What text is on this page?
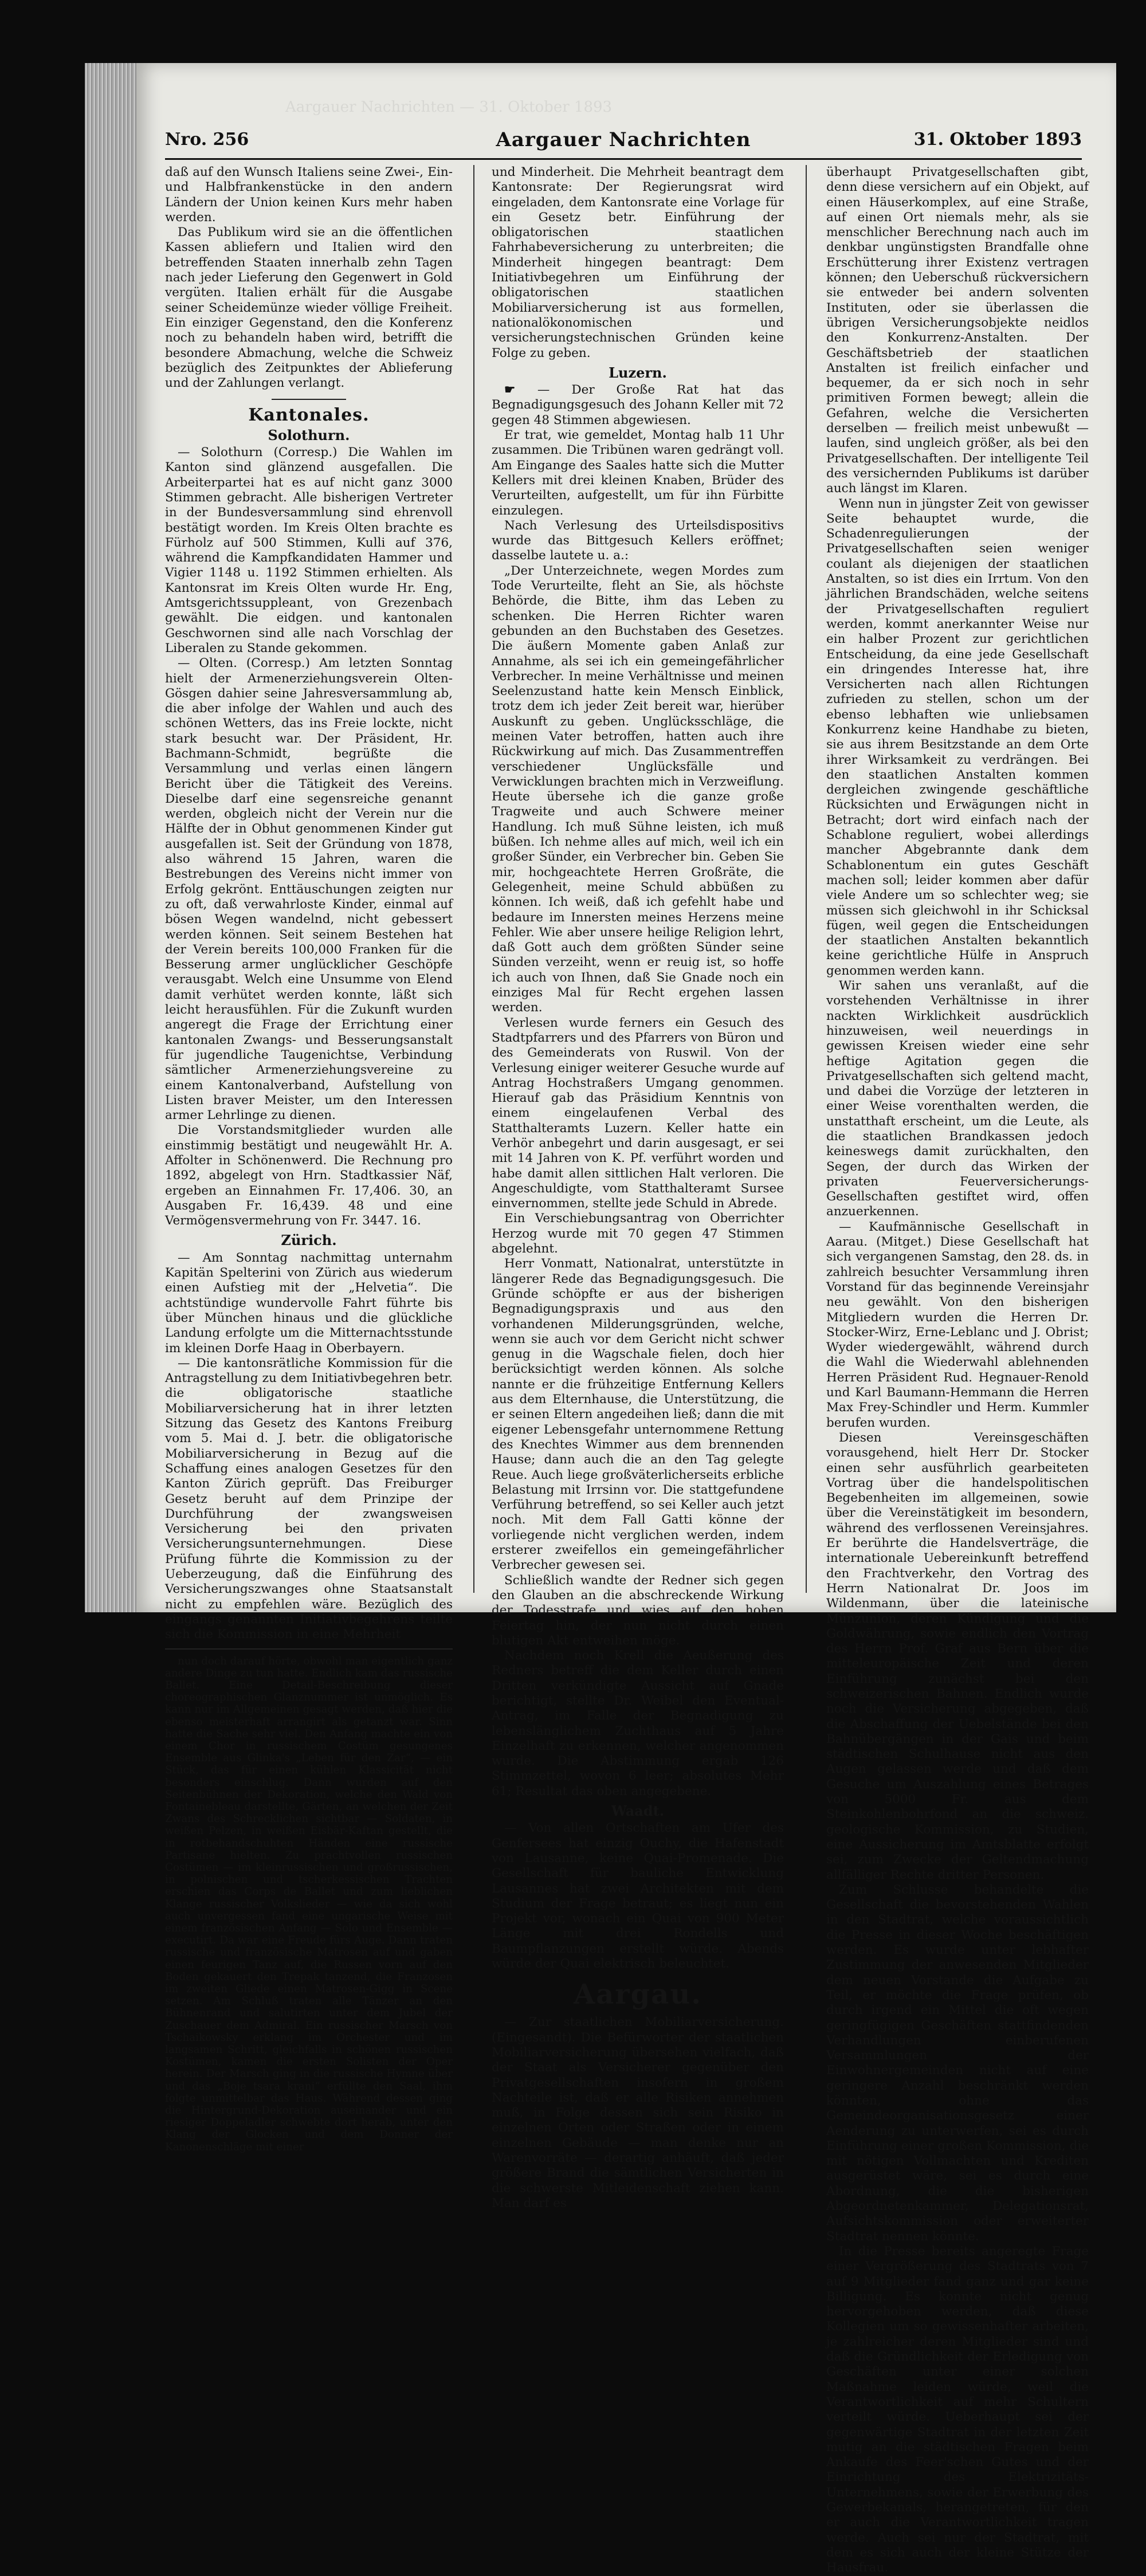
Aargauer Nachrichten — 31. Oktober 1893
Nro. 256	Aargauer Nachrichten	31. Oktober 1893

daß auf den Wunsch Italiens seine Zwei-, Ein- und Halbfrankenstücke in den andern Ländern der Union keinen Kurs mehr haben werden.

Das Publikum wird sie an die öffentlichen Kassen abliefern und Italien wird den betreffenden Staaten innerhalb zehn Tagen nach jeder Lieferung den Gegenwert in Gold vergüten. Italien erhält für die Ausgabe seiner Scheidemünze wieder völlige Freiheit. Ein einziger Gegenstand, den die Konferenz noch zu behandeln haben wird, betrifft die besondere Abmachung, welche die Schweiz bezüglich des Zeitpunktes der Ablieferung und der Zahlungen verlangt.

Kantonales.
Solothurn.

— Solothurn (Corresp.) Die Wahlen im Kanton sind glänzend ausgefallen. Die Arbeiterpartei hat es auf nicht ganz 3000 Stimmen gebracht. Alle bisherigen Vertreter in der Bundesversammlung sind ehrenvoll bestätigt worden. Im Kreis Olten brachte es Fürholz auf 500 Stimmen, Kulli auf 376, während die Kampfkandidaten Hammer und Vigier 1148 u. 1192 Stimmen erhielten. Als Kantonsrat im Kreis Olten wurde Hr. Eng, Amtsgerichtssuppleant, von Grezenbach gewählt. Die eidgen. und kantonalen Geschwornen sind alle nach Vorschlag der Liberalen zu Stande gekommen.

— Olten. (Corresp.) Am letzten Sonntag hielt der Armenerziehungsverein Olten-Gösgen dahier seine Jahresversammlung ab, die aber infolge der Wahlen und auch des schönen Wetters, das ins Freie lockte, nicht stark besucht war. Der Präsident, Hr. Bachmann-Schmidt, begrüßte die Versammlung und verlas einen längern Bericht über die Tätigkeit des Vereins. Dieselbe darf eine segensreiche genannt werden, obgleich nicht der Verein nur die Hälfte der in Obhut genommenen Kinder gut ausgefallen ist. Seit der Gründung von 1878, also während 15 Jahren, waren die Bestrebungen des Vereins nicht immer von Erfolg gekrönt. Enttäuschungen zeigten nur zu oft, daß verwahrloste Kinder, einmal auf bösen Wegen wandelnd, nicht gebessert werden können. Seit seinem Bestehen hat der Verein bereits 100,000 Franken für die Besserung armer unglücklicher Geschöpfe verausgabt. Welch eine Unsumme von Elend damit verhütet werden konnte, läßt sich leicht herausfühlen. Für die Zukunft wurden angeregt die Frage der Errichtung einer kantonalen Zwangs- und Besserungsanstalt für jugendliche Taugenichtse, Verbindung sämtlicher Armenerziehungsvereine zu einem Kantonalverband, Aufstellung von Listen braver Meister, um den Interessen armer Lehrlinge zu dienen.

Die Vorstandsmitglieder wurden alle einstimmig bestätigt und neugewählt Hr. A. Affolter in Schönenwerd. Die Rechnung pro 1892, abgelegt von Hrn. Stadtkassier Näf, ergeben an Einnahmen Fr. 17,406. 30, an Ausgaben Fr. 16,439. 48 und eine Vermögensvermehrung von Fr. 3447. 16.

Zürich.

— Am Sonntag nachmittag unternahm Kapitän Spelterini von Zürich aus wiederum einen Aufstieg mit der „Helvetia“. Die achtstündige wundervolle Fahrt führte bis über München hinaus und die glückliche Landung erfolgte um die Mitternachtsstunde im kleinen Dorfe Haag in Oberbayern.

— Die kantonsrätliche Kommission für die Antragstellung zu dem Initiativbegehren betr. die obligatorische staatliche Mobiliarversicherung hat in ihrer letzten Sitzung das Gesetz des Kantons Freiburg vom 5. Mai d. J. betr. die obligatorische Mobiliarversicherung in Bezug auf die Schaffung eines analogen Gesetzes für den Kanton Zürich geprüft. Das Freiburger Gesetz beruht auf dem Prinzipe der Durchführung der zwangsweisen Versicherung bei den privaten Versicherungsunternehmungen. Diese Prüfung führte die Kommission zu der Ueberzeugung, daß die Einführung des Versicherungszwanges ohne Staatsanstalt nicht zu empfehlen wäre. Bezüglich des eingangs genannten Initiativbegehrens teilte sich die Kommission in eine Mehrheit

nun doch darauf hörte, obwohl man eigentlich ganz andere Dinge zu tun hatte. Endlich kam das russische Ballet. Eine Detail-Beschreibung dieser choreographischen Glanznummer ist unmöglich. Es kann nur im Allgemeinen gesagt werden, daß hier die ebenso meisterhaft arrangirt als getanzt war. Sinn hatte die Sache sehr viel. Den Anfang machte ein von einem Chor in russischem Costüm gesungenes Ensemble aus Glinka's „Leben für den Zar“, — ein Stück, das für einen kühlen Klassicität nicht besonders einschlug. Dann wurden auf den Seitenbühnen der Dekoration, welche den Wald von Fontainebleau darstellte, Gärten, an welchen der Zeit Zwans des Schrecklichen sichtbar — Soldaten, in weißen Pelzen, in weißen Eisbär-Kaftan gestellt, die in rotbehandschuhten Händen eine russische Partisane hielten. Zu prachtvollen russischen Costümen — im kleinrussischen und großrussischen, in polnischen und tscherkessischen Trachten erschien das Corps de Ballet und zum lieblichen Klange russischer Volkslieder — wie da sich wohl auch unvergessen fand eine ungarische Weise mit einem französischen Anfang — Solo und Ensemble — executirt. Da war eine Freude fürs Auge. Dann traten russische und französische Matrosen auf und gaben einen feurigen Tanz auf, die Russen vorn auf den Boden gekauert den Trepak tanzend, die Franzosen im zweiten Gliede einen Matrosen-Gigg in Scene setzen. Am Schluß traten alle Tänzer an den Bühnenrand und salutirten unter dem Jubel der Zuschauer dem Admiral. Ein russischer Marsch von Tschaikowsky erklang im Orchester und im langsamen Schritt, gleichfalls in schönen russischen Kostümen, kamen die ersten Solisten der Oper herein. Der Marsch ging in die russische Hymne über und das „Boje tsara krani“ erfüllte den Saal, ihm folgte unmittelbar das Haus. Während dessen ging die Hintergrund-Dekoration auseinander und ein riesiger Doppeladler schwebte dort herab, unter den Klang der Glocken und dem Donner der Kanonenschläge mit einer

und Minderheit. Die Mehrheit beantragt dem Kantonsrate: Der Regierungsrat wird eingeladen, dem Kantonsrate eine Vorlage für ein Gesetz betr. Einführung der obligatorischen staatlichen Fahrhabeversicherung zu unterbreiten; die Minderheit hingegen beantragt: Dem Initiativbegehren um Einführung der obligatorischen staatlichen Mobiliarversicherung ist aus formellen, nationalökonomischen und versicherungstechnischen Gründen keine Folge zu geben.

Luzern.

☛ — Der Große Rat hat das Begnadigungsgesuch des Johann Keller mit 72 gegen 48 Stimmen abgewiesen.

Er trat, wie gemeldet, Montag halb 11 Uhr zusammen. Die Tribünen waren gedrängt voll. Am Eingange des Saales hatte sich die Mutter Kellers mit drei kleinen Knaben, Brüder des Verurteilten, aufgestellt, um für ihn Fürbitte einzulegen.

Nach Verlesung des Urteilsdispositivs wurde das Bittgesuch Kellers eröffnet; dasselbe lautete u. a.:

„Der Unterzeichnete, wegen Mordes zum Tode Verurteilte, fleht an Sie, als höchste Behörde, die Bitte, ihm das Leben zu schenken. Die Herren Richter waren gebunden an den Buchstaben des Gesetzes. Die äußern Momente gaben Anlaß zur Annahme, als sei ich ein gemeingefährlicher Verbrecher. In meine Verhältnisse und meinen Seelenzustand hatte kein Mensch Einblick, trotz dem ich jeder Zeit bereit war, hierüber Auskunft zu geben. Unglücksschläge, die meinen Vater betroffen, hatten auch ihre Rückwirkung auf mich. Das Zusammentreffen verschiedener Unglücksfälle und Verwicklungen brachten mich in Verzweiflung. Heute übersehe ich die ganze große Tragweite und auch Schwere meiner Handlung. Ich muß Sühne leisten, ich muß büßen. Ich nehme alles auf mich, weil ich ein großer Sünder, ein Verbrecher bin. Geben Sie mir, hochgeachtete Herren Großräte, die Gelegenheit, meine Schuld abbüßen zu können. Ich weiß, daß ich gefehlt habe und bedaure im Innersten meines Herzens meine Fehler. Wie aber unsere heilige Religion lehrt, daß Gott auch dem größten Sünder seine Sünden verzeiht, wenn er reuig ist, so hoffe ich auch von Ihnen, daß Sie Gnade noch ein einziges Mal für Recht ergehen lassen werden.

Verlesen wurde ferners ein Gesuch des Stadtpfarrers und des Pfarrers von Büron und des Gemeinderats von Ruswil. Von der Verlesung einiger weiterer Gesuche wurde auf Antrag Hochstraßers Umgang genommen. Hierauf gab das Präsidium Kenntnis von einem eingelaufenen Verbal des Statthalteramts Luzern. Keller hatte ein Verhör anbegehrt und darin ausgesagt, er sei mit 14 Jahren von K. Pf. verführt worden und habe damit allen sittlichen Halt verloren. Die Angeschuldigte, vom Statthalteramt Sursee einvernommen, stellte jede Schuld in Abrede.

Ein Verschiebungsantrag von Oberrichter Herzog wurde mit 70 gegen 47 Stimmen abgelehnt.

Herr Vonmatt, Nationalrat, unterstützte in längerer Rede das Begnadigungsgesuch. Die Gründe schöpfte er aus der bisherigen Begnadigungspraxis und aus den vorhandenen Milderungsgründen, welche, wenn sie auch vor dem Gericht nicht schwer genug in die Wagschale fielen, doch hier berücksichtigt werden können. Als solche nannte er die frühzeitige Entfernung Kellers aus dem Elternhause, die Unterstützung, die er seinen Eltern angedeihen ließ; dann die mit eigener Lebensgefahr unternommene Rettung des Knechtes Wimmer aus dem brennenden Hause; dann auch die an den Tag gelegte Reue. Auch liege großväterlicherseits erbliche Belastung mit Irrsinn vor. Die stattgefundene Verführung betreffend, so sei Keller auch jetzt noch. Mit dem Fall Gatti könne der vorliegende nicht verglichen werden, indem ersterer zweifellos ein gemeingefährlicher Verbrecher gewesen sei.

Schließlich wandte der Redner sich gegen den Glauben an die abschreckende Wirkung der Todesstrafe und wies auf den hohen Feiertag hin, der nun nicht durch einen blutigen Akt entweihen möge.

Nachdem noch Krell die Aeußerung des Redners betreff die dem Keller durch einen Dritten verkündigte Aussicht auf Gnade berichtigt, stellte Dr. Weibel den Eventual-Antrag, im Falle der Begnadigung zu lebenslänglichem Zuchthaus auf 5 Jahre Einzelhaft zu erkennen, welcher angenommen wurde. Die Abstimmung ergab 126 Stimmzettel, wovon 6 leer; absolutes Mehr 61; Resultat das oben angegebene.

Waadt.

— Von allen Ortschaften am Ufer des Genfersees hat einzig Ouchy, die Hafenstadt von Lausanne, keine Quai-Promenade. Die Gesellschaft für bauliche Entwicklung Lausannes hat zwei Architekten mit dem Studium der Frage betraut; es liegt nun ein Projekt vor, wonach ein Quai von 900 Meter Länge mit drei Rondells und Baumpflanzungen erstellt würde. Abends würde der Quai elektrisch beleuchtet.

Aargau.

— Zur staatlichen Mobiliarversicherung. (Eingesandt). Die Befürworter der staatlichen Mobiliarversicherung übersehen vielfach, daß der Staat als Versicherer gegenüber den Privatgesellschaften insofern in großem Nachteile ist, daß er alle Risiken annehmen muß, in Folge dessen sich sein Risiko in einzelnen Orten oder Straßen oder in einem einzelnen Gebäude — man denke nur an Warenvorräte — derartig anhäuft, daß jeder größere Brand die sämtlichen Versicherten in die schwerste Mitleidenschaft ziehen kann. Man darf es

überhaupt Privatgesellschaften gibt, denn diese versichern auf ein Objekt, auf einen Häuserkomplex, auf eine Straße, auf einen Ort niemals mehr, als sie menschlicher Berechnung nach auch im denkbar ungünstigsten Brandfalle ohne Erschütterung ihrer Existenz vertragen können; den Ueberschuß rückversichern sie entweder bei andern solventen Instituten, oder sie überlassen die übrigen Versicherungsobjekte neidlos den Konkurrenz-Anstalten. Der Geschäftsbetrieb der staatlichen Anstalten ist freilich einfacher und bequemer, da er sich noch in sehr primitiven Formen bewegt; allein die Gefahren, welche die Versicherten derselben — freilich meist unbewußt — laufen, sind ungleich größer, als bei den Privatgesellschaften. Der intelligente Teil des versichernden Publikums ist darüber auch längst im Klaren.

Wenn nun in jüngster Zeit von gewisser Seite behauptet wurde, die Schadenregulierungen der Privatgesellschaften seien weniger coulant als diejenigen der staatlichen Anstalten, so ist dies ein Irrtum. Von den jährlichen Brandschäden, welche seitens der Privatgesellschaften reguliert werden, kommt anerkannter Weise nur ein halber Prozent zur gerichtlichen Entscheidung, da eine jede Gesellschaft ein dringendes Interesse hat, ihre Versicherten nach allen Richtungen zufrieden zu stellen, schon um der ebenso lebhaften wie unliebsamen Konkurrenz keine Handhabe zu bieten, sie aus ihrem Besitzstande an dem Orte ihrer Wirksamkeit zu verdrängen. Bei den staatlichen Anstalten kommen dergleichen zwingende geschäftliche Rücksichten und Erwägungen nicht in Betracht; dort wird einfach nach der Schablone reguliert, wobei allerdings mancher Abgebrannte dank dem Schablonentum ein gutes Geschäft machen soll; leider kommen aber dafür viele Andere um so schlechter weg; sie müssen sich gleichwohl in ihr Schicksal fügen, weil gegen die Entscheidungen der staatlichen Anstalten bekanntlich keine gerichtliche Hülfe in Anspruch genommen werden kann.

Wir sahen uns veranlaßt, auf die vorstehenden Verhältnisse in ihrer nackten Wirklichkeit ausdrücklich hinzuweisen, weil neuerdings in gewissen Kreisen wieder eine sehr heftige Agitation gegen die Privatgesellschaften sich geltend macht, und dabei die Vorzüge der letzteren in einer Weise vorenthalten werden, die unstatthaft erscheint, um die Leute, als die staatlichen Brandkassen jedoch keineswegs damit zurückhalten, den Segen, der durch das Wirken der privaten Feuerversicherungs-Gesellschaften gestiftet wird, offen anzuerkennen.

— Kaufmännische Gesellschaft in Aarau. (Mitget.) Diese Gesellschaft hat sich vergangenen Samstag, den 28. ds. in zahlreich besuchter Versammlung ihren Vorstand für das beginnende Vereinsjahr neu gewählt. Von den bisherigen Mitgliedern wurden die Herren Dr. Stocker-Wirz, Erne-Leblanc und J. Obrist; Wyder wiedergewählt, während durch die Wahl die Wiederwahl ablehnenden Herren Präsident Rud. Hegnauer-Renold und Karl Baumann-Hemmann die Herren Max Frey-Schindler und Herm. Kummler berufen wurden.

Diesen Vereinsgeschäften vorausgehend, hielt Herr Dr. Stocker einen sehr ausführlich gearbeiteten Vortrag über die handelspolitischen Begebenheiten im allgemeinen, sowie über die Vereinstätigkeit im besondern, während des verflossenen Vereinsjahres. Er berührte die Handelsverträge, die internationale Uebereinkunft betreffend den Frachtverkehr, den Vortrag des Herrn Nationalrat Dr. Joos im Wildenmann, über die lateinische Münzunion, deren Kündigung und die Goldwährung, sowie endlich den Vortrag des Herrn Prof. Graf aus Bern über die mitteleuropäische Zeit und deren Einführung zunächst bei den schweizerischen Bahnen. Endlich wurde noch die Versicherung abgegeben, daß die Abschaffung der Uebelstände bei den Bahnübergängen in der Gais und beim städtischen Schulhause nicht aus den Augen gelassen werde und daß dem Gesuche um Auszahlung eines Betrages von 5000 Fr. aus dem Steinkohlenbohrfond an die schweiz. geologische Kommission, zu Studien, eine Aussicherung im Amtsblatte erfolgt sei, zum Zwecke der Geltendmachung allfälliger Rechte dritter Personen.

Zum Schlusse behandelte die Gesellschaft die bevorstehenden Wahlen in den Stadtrat, welche voraussichtlich die Presse in dieser Woche beschäftigen werden. Es wurde unter lebhafter Zustimmung der anwesenden Mitglieder dem neuen Vorstande die Aufgabe zu Teil, er möchte die Frage prüfen, ob durch irgend ein Mittel die oft wegen geringfügigen Geschäften stattfindenden Verhandlungen einberufenen Versammlungen der Einwohnergemeinden nicht auf eine geringere Anzahl beschränkt werden könnten, ohne das Gemeindeorganisationsgesetz einer Aenderung zu unterwerfen, sei es durch Einführung einer großen Kommission, die mit nötigen Vollmachten und Krediten ausgerüstet wäre, sei es durch eine Abordnung, die die bisherigen Abgeordnetenkammer, Delegationsrat, Aufsichtskommission oder erweiterter Stadtrat nennen könnte.

In die Presse bereits angeregte Frage einer Vergrößerung des Stadtrats von 7 auf 9 Mitglieder fand ganz und gar keine Billigung. Es konnte nicht genug hervorgehoben werden, daß diese Kollegien um so gewissenhafter arbeiten, je zahlreicher deren Mitglieder sind und daß die Gründlichkeit der Erledigung von Geschäften unter einer solchen Maßnahme leiden würde, weil die Verantwortlichkeit auf mehr Schultern verteilt würde. Ueberhaupt sei der gegenwärtige Stadtrat in der letzten Zeit mutig an die städtischen Fragen beim Ankaufe des Feer'schen Gutes und der Einrichtung des Elektrizitäts-Unternehmens, sowie der Erwerbung des Gewerbekanals, herangetreten, für den er auch die Verantwortlichkeit tragen werde. Auch sei nur der Stadtrat, mit dem es sich auch der kleine Stütze der Hausfrau.
